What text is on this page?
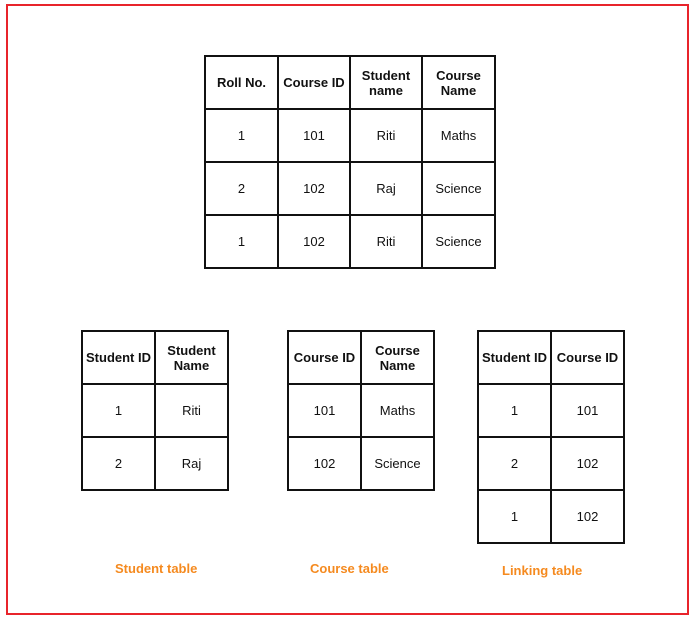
Roll No.	Course ID	Student name	Course Name
1	101	Riti	Maths
2	102	Raj	Science
1	102	Riti	Science
Student ID	Student Name
1	Riti
2	Raj
Course ID	Course Name
101	Maths
102	Science
Student ID	Course ID
1	101
2	102
1	102
Student table	Course table	Linking table
